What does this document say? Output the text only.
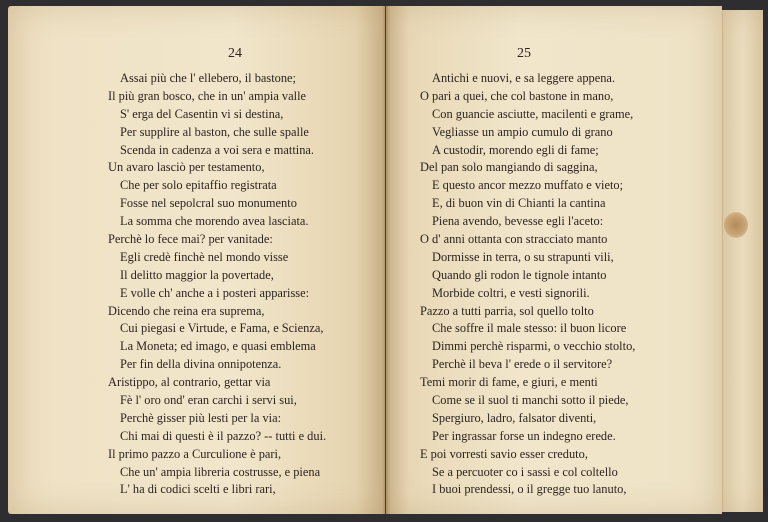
24	25
Assai più che l' ellebero, il bastone;
Il più gran bosco, che in un' ampia valle
S' erga del Casentin vi si destina,
Per supplire al baston, che sulle spalle
Scenda in cadenza a voi sera e mattina.
Un avaro lasciò per testamento,
Che per solo epitaffio registrata
Fosse nel sepolcral suo monumento
La somma che morendo avea lasciata.
Perchè lo fece mai? per vanitade:
Egli credè finchè nel mondo visse
Il delitto maggior la povertade,
E volle ch' anche a i posteri apparisse:
Dicendo che reina era suprema,
Cui piegasi e Virtude, e Fama, e Scienza,
La Moneta; ed imago, e quasi emblema
Per fin della divina onnipotenza.
Aristippo, al contrario, gettar via
Fè l' oro ond' eran carchi i servi sui,
Perchè gisser più lesti per la via:
Chi mai di questi è il pazzo? -- tutti e dui.
Il primo pazzo a Curculione è pari,
Che un' ampia libreria costrusse, e piena
L' ha di codici scelti e libri rari,
Antichi e nuovi, e sa leggere appena.
O pari a quei, che col bastone in mano,
Con guancie asciutte, macilenti e grame,
Vegliasse un ampio cumulo di grano
A custodir, morendo egli di fame;
Del pan solo mangiando di saggina,
E questo ancor mezzo muffato e vieto;
E, di buon vin di Chianti la cantina
Piena avendo, bevesse egli l'aceto:
O d' anni ottanta con stracciato manto
Dormisse in terra, o su strapunti vili,
Quando gli rodon le tignole intanto
Morbide coltri, e vesti signorili.
Pazzo a tutti parria, sol quello tolto
Che soffre il male stesso: il buon licore
Dimmi perchè risparmi, o vecchio stolto,
Perchè il beva l' erede o il servitore?
Temi morir di fame, e giuri, e menti
Come se il suol ti manchi sotto il piede,
Spergiuro, ladro, falsator diventi,
Per ingrassar forse un indegno erede.
E poi vorresti savio esser creduto,
Se a percuoter co i sassi e col coltello
I buoi prendessi, o il gregge tuo lanuto,
